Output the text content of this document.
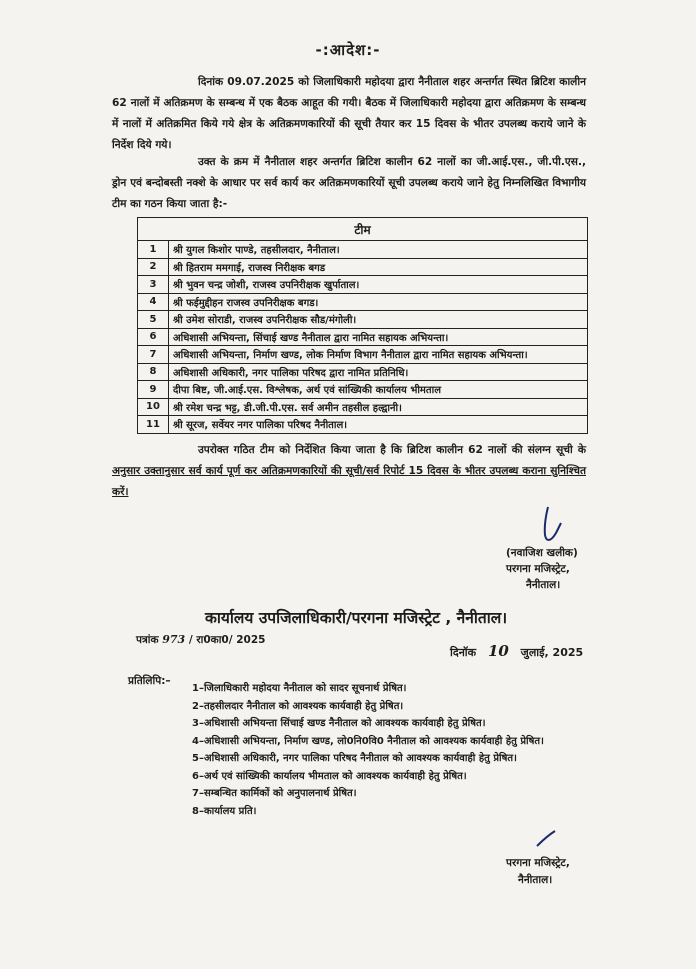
-:आदेश:-
दिनांक 09.07.2025 को जिलाधिकारी महोदया द्वारा नैनीताल शहर अन्तर्गत स्थित ब्रिटिश कालीन 62 नालों में अतिक्रमण के सम्बन्ध में एक बैठक आहूत की गयी। बैठक में जिलाधिकारी महोदया द्वारा अतिक्रमण के सम्बन्ध में नालों में अतिक्रमित किये गये क्षेत्र के अतिक्रमणकारियों की सूची तैयार कर 15 दिवस के भीतर उपलब्ध कराये जाने के निर्देश दिये गये।
उक्त के क्रम में नैनीताल शहर अन्तर्गत ब्रिटिश कालीन 62 नालों का जी.आई.एस., जी.पी.एस., ड्रोन एवं बन्दोबस्ती नक्शे के आधार पर सर्व कार्य कर अतिक्रमणकारियों सूची उपलब्ध कराये जाने हेतु निम्नलिखित विभागीय टीम का गठन किया जाता है:-
टीम	
1	श्री युगल किशोर पाण्डे, तहसीलदार, नैनीताल।
2	श्री हितराम ममगाई, राजस्व निरीक्षक बगड
3	श्री भुवन चन्द्र जोशी, राजस्व उपनिरीक्षक खुर्पाताल।
4	श्री फईमुद्दीहन राजस्व उपनिरीक्षक बगड।
5	श्री उमेश सोराडी, राजस्व उपनिरीक्षक सौड/मंगोली।
6	अधिशासी अभियन्ता, सिंचाई खण्ड नैनीताल द्वारा नामित सहायक अभियन्ता।
7	अधिशासी अभियन्ता, निर्माण खण्ड, लोक निर्माण विभाग नैनीताल द्वारा नामित सहायक अभियन्ता।
8	अधिशासी अधिकारी, नगर पालिका परिषद द्वारा नामित प्रतिनिधि।
9	दीपा बिष्ट, जी.आई.एस. विश्लेषक, अर्थ एवं सांख्यिकी कार्यालय भीमताल
10	श्री रमेश चन्द्र भट्ट, डी.जी.पी.एस. सर्व अमीन तहसील हल्द्वानी।
11	श्री सूरज, सर्वेयर नगर पालिका परिषद नैनीताल।
उपरोक्त गठित टीम को निर्देशित किया जाता है कि ब्रिटिश कालीन 62 नालों की संलग्न सूची के अनुसार उक्तानुसार सर्व कार्य पूर्ण कर अतिक्रमणकारियों की सूची/सर्व रिपोर्ट 15 दिवस के भीतर उपलब्ध कराना सुनिश्चित करें।
(नवाजिश खलीक)
परगना मजिस्ट्रेट,
नैनीताल।
कार्यालय उपजिलाधिकारी/परगना मजिस्ट्रेट , नैनीताल।
पत्रांक 973 / रा0का0/ 2025
दिनॉक 10 जुलाई, 2025
प्रतिलिपि:–
1–जिलाधिकारी महोदया नैनीताल को सादर सूचनार्थ प्रेषित।
2–तहसीलदार नैनीताल को आवश्यक कार्यवाही हेतु प्रेषित।
3–अधिशासी अभियन्ता सिंचाई खण्ड नैनीताल को आवश्यक कार्यवाही हेतु प्रेषित।
4–अधिशासी अभियन्ता, निर्माण खण्ड, लो0नि0वि0 नैनीताल को आवश्यक कार्यवाही हेतु प्रेषित।
5–अधिशासी अधिकारी, नगर पालिका परिषद नैनीताल को आवश्यक कार्यवाही हेतु प्रेषित।
6–अर्थ एवं सांख्यिकी कार्यालय भीमताल को आवश्यक कार्यवाही हेतु प्रेषित।
7–सम्बन्धित कार्मिकों को अनुपालनार्थ प्रेषित।
8–कार्यालय प्रति।
परगना मजिस्ट्रेट,
नैनीताल।
